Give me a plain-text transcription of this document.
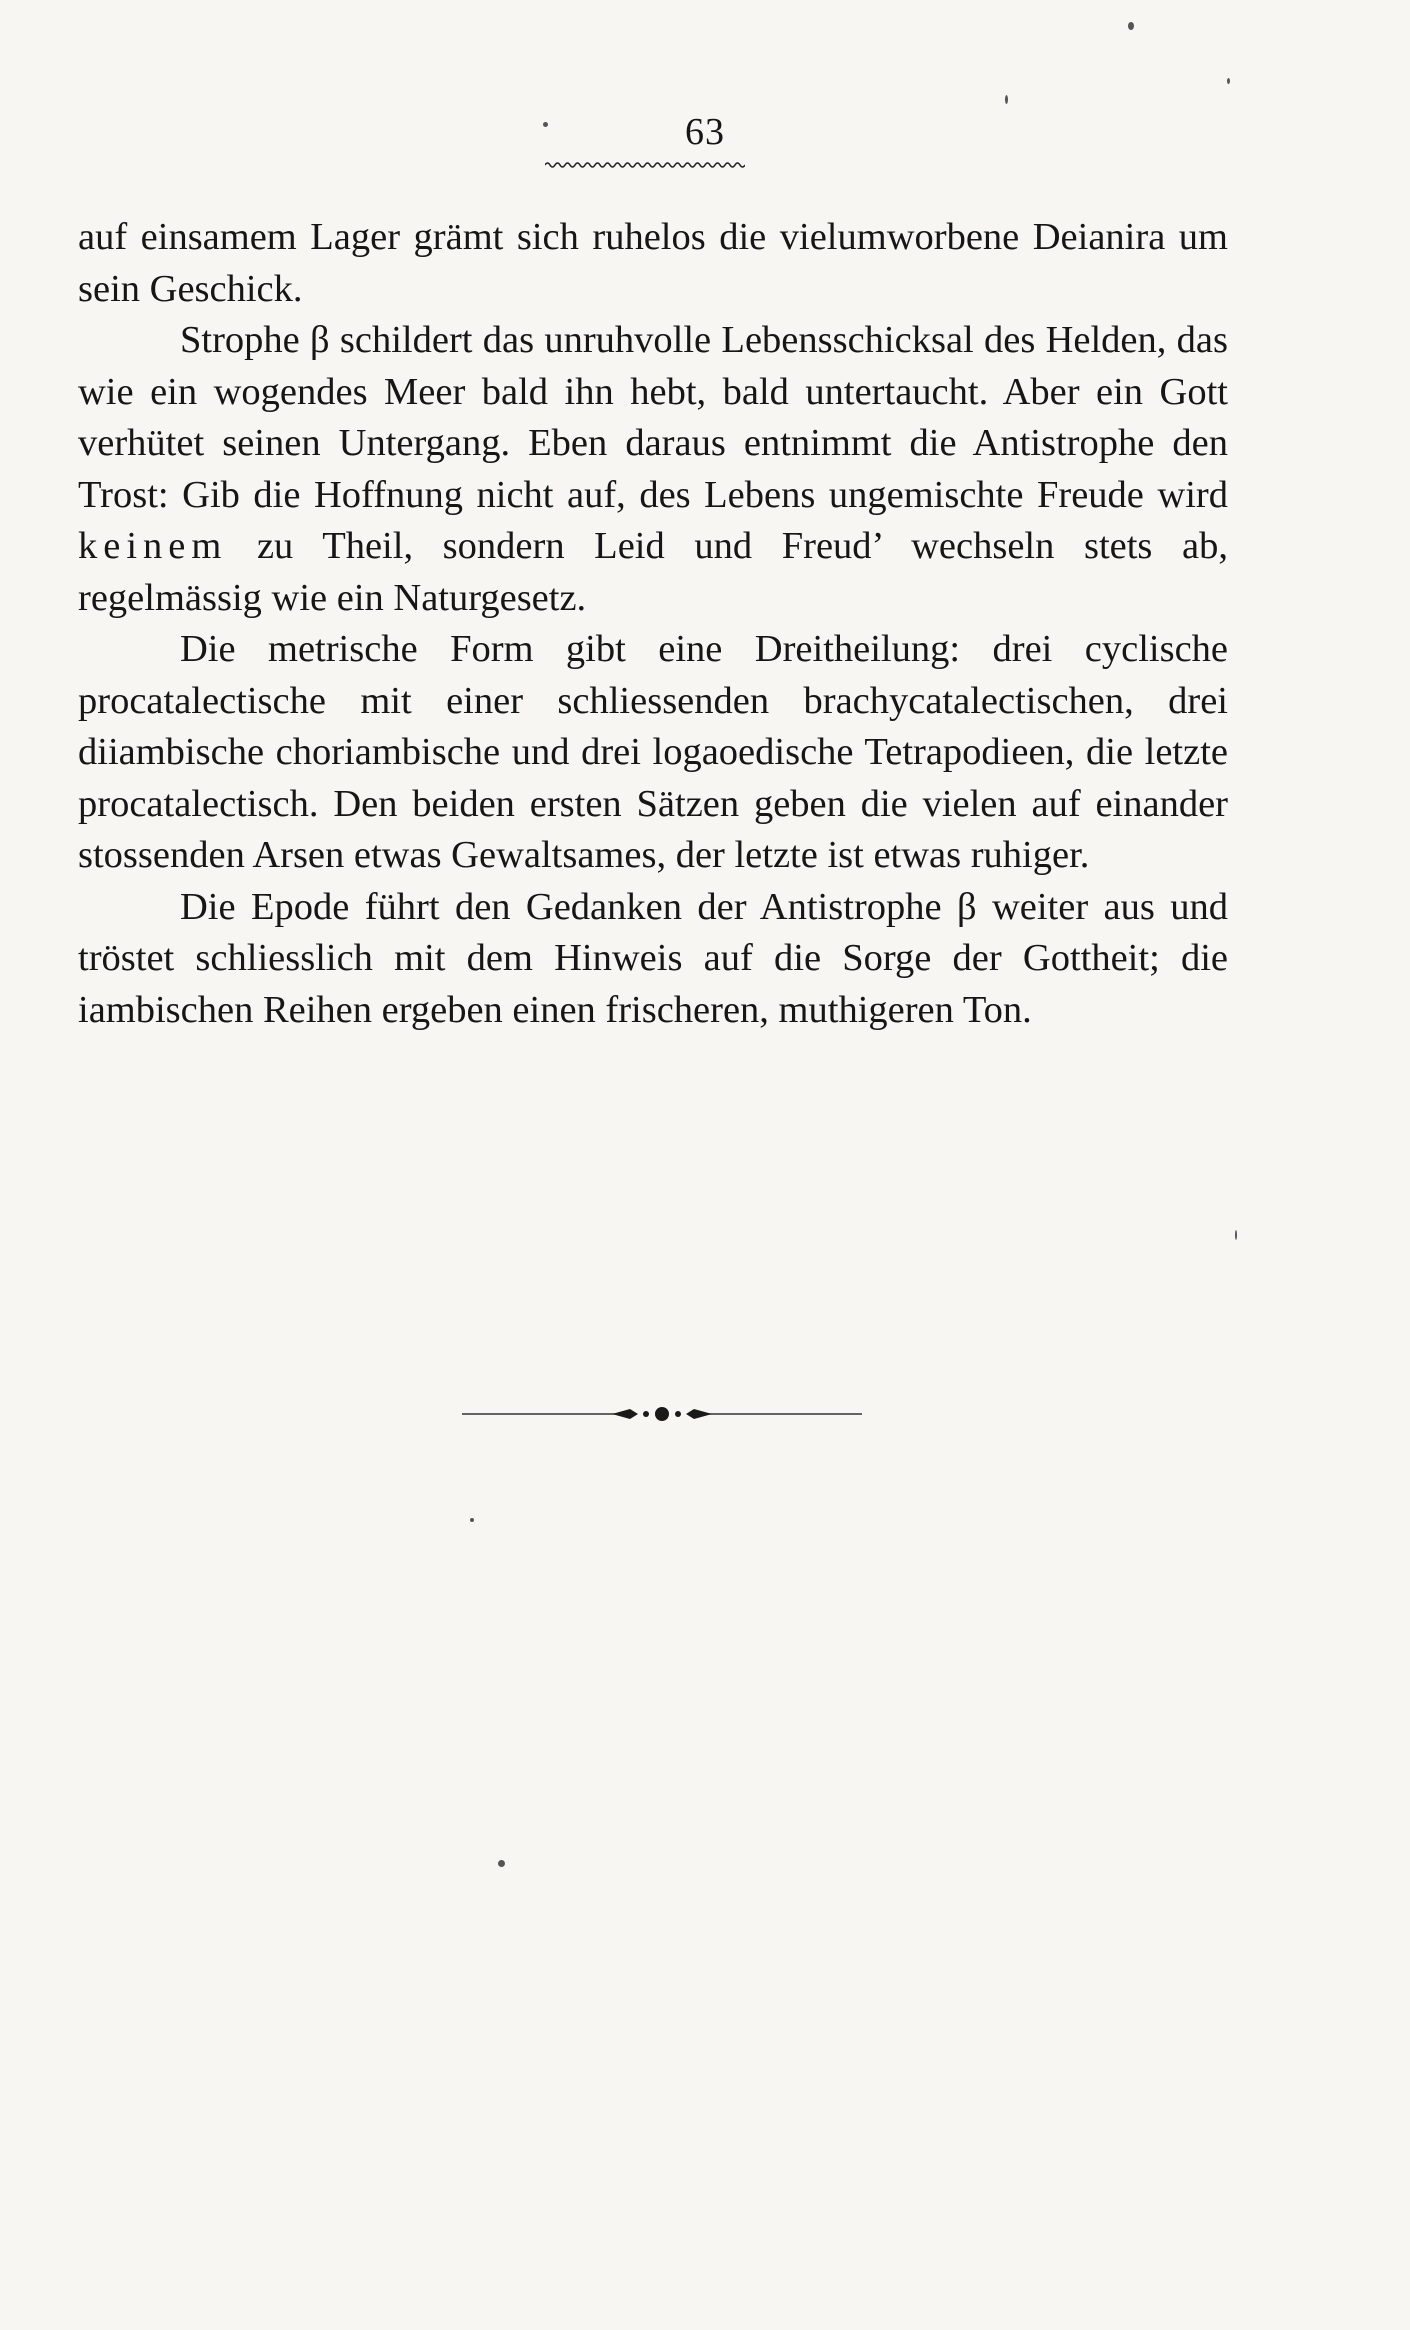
63

auf einsamem Lager grämt sich ruhelos die vielumworbene Deianira um sein Geschick.

Strophe β schildert das unruhvolle Lebensschicksal des Helden, das wie ein wogendes Meer bald ihn hebt, bald untertaucht. Aber ein Gott verhütet seinen Untergang. Eben daraus entnimmt die Antistrophe den Trost: Gib die Hoffnung nicht auf, des Lebens ungemischte Freude wird keinem zu Theil, sondern Leid und Freud’ wechseln stets ab, regelmässig wie ein Naturgesetz.

Die metrische Form gibt eine Dreitheilung: drei cyclische procatalectische mit einer schliessenden brachycatalectischen, drei diiambische choriambische und drei logaoedische Tetrapodieen, die letzte procatalectisch. Den beiden ersten Sätzen geben die vielen auf einander stossenden Arsen etwas Gewaltsames, der letzte ist etwas ruhiger.

Die Epode führt den Gedanken der Antistrophe β weiter aus und tröstet schliesslich mit dem Hinweis auf die Sorge der Gottheit; die iambischen Reihen ergeben einen frischeren, muthigeren Ton.
